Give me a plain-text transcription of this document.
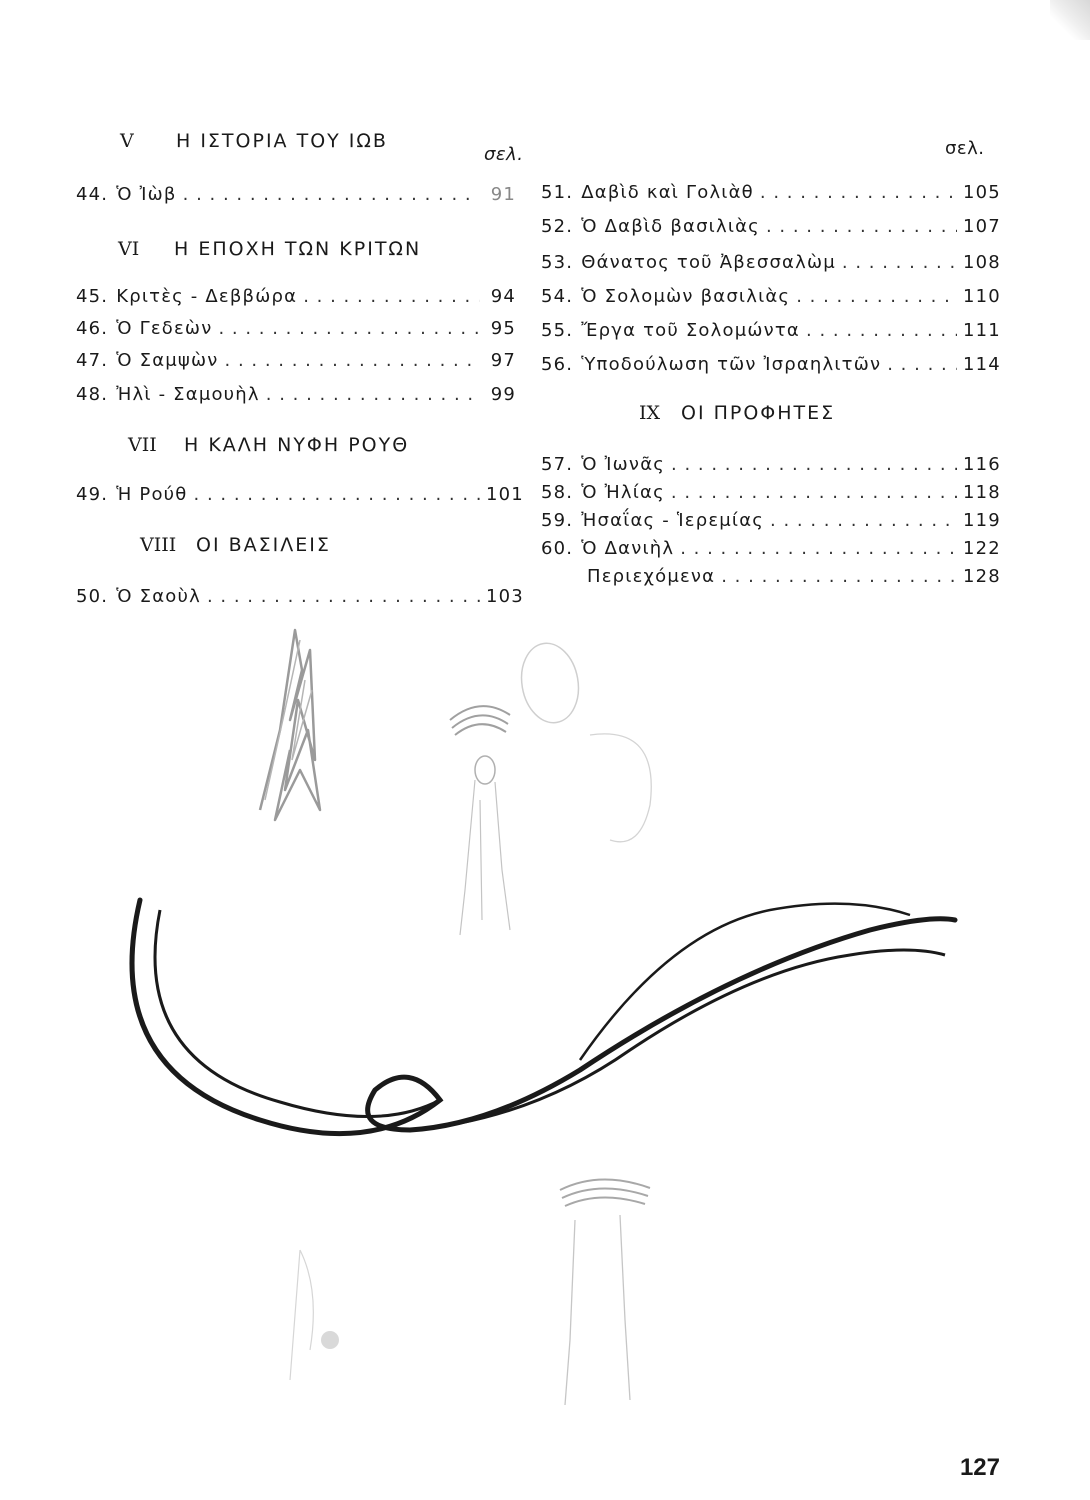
V Η ΙΣΤΟΡΙΑ ΤΟΥ ΙΩΒ
σελ.
44. Ὁ Ἰὼβ . . .	91
VI Η ΕΠΟΧΗ ΤΩΝ ΚΡΙΤΩΝ
45. Κριτὲς - Δεββώρα . . .	94
46. Ὁ Γεδεὼν . . .	95
47. Ὁ Σαμψὼν . . .	97
48. Ἠλὶ - Σαμουὴλ . . .	99
VII Η ΚΑΛΗ ΝΥΦΗ ΡΟΥΘ
49. Ἡ Ρούθ . . .	101
VIII ΟΙ ΒΑΣΙΛΕΙΣ
50. Ὁ Σαοὺλ . . .	103
σελ.
51. Δαβὶδ καὶ Γολιὰθ . . .	105
52. Ὁ Δαβὶδ βασιλιὰς . . .	107
53. Θάνατος τοῦ Ἀβεσσαλὼμ . . .	108
54. Ὁ Σολομὼν βασιλιὰς . . .	110
55. Ἔργα τοῦ Σολομώντα . . .	111
56. Ὑποδούλωση τῶν Ἰσραηλιτῶν . . .	114
IX ΟΙ ΠΡΟΦΗΤΕΣ
57. Ὁ Ἰωνᾶς . . .	116
58. Ὁ Ἠλίας . . .	118
59. Ἠσαΐας - Ἱερεμίας . . .	119
60. Ὁ Δανιὴλ . . .	122
Περιεχόμενα . . .	128
127
